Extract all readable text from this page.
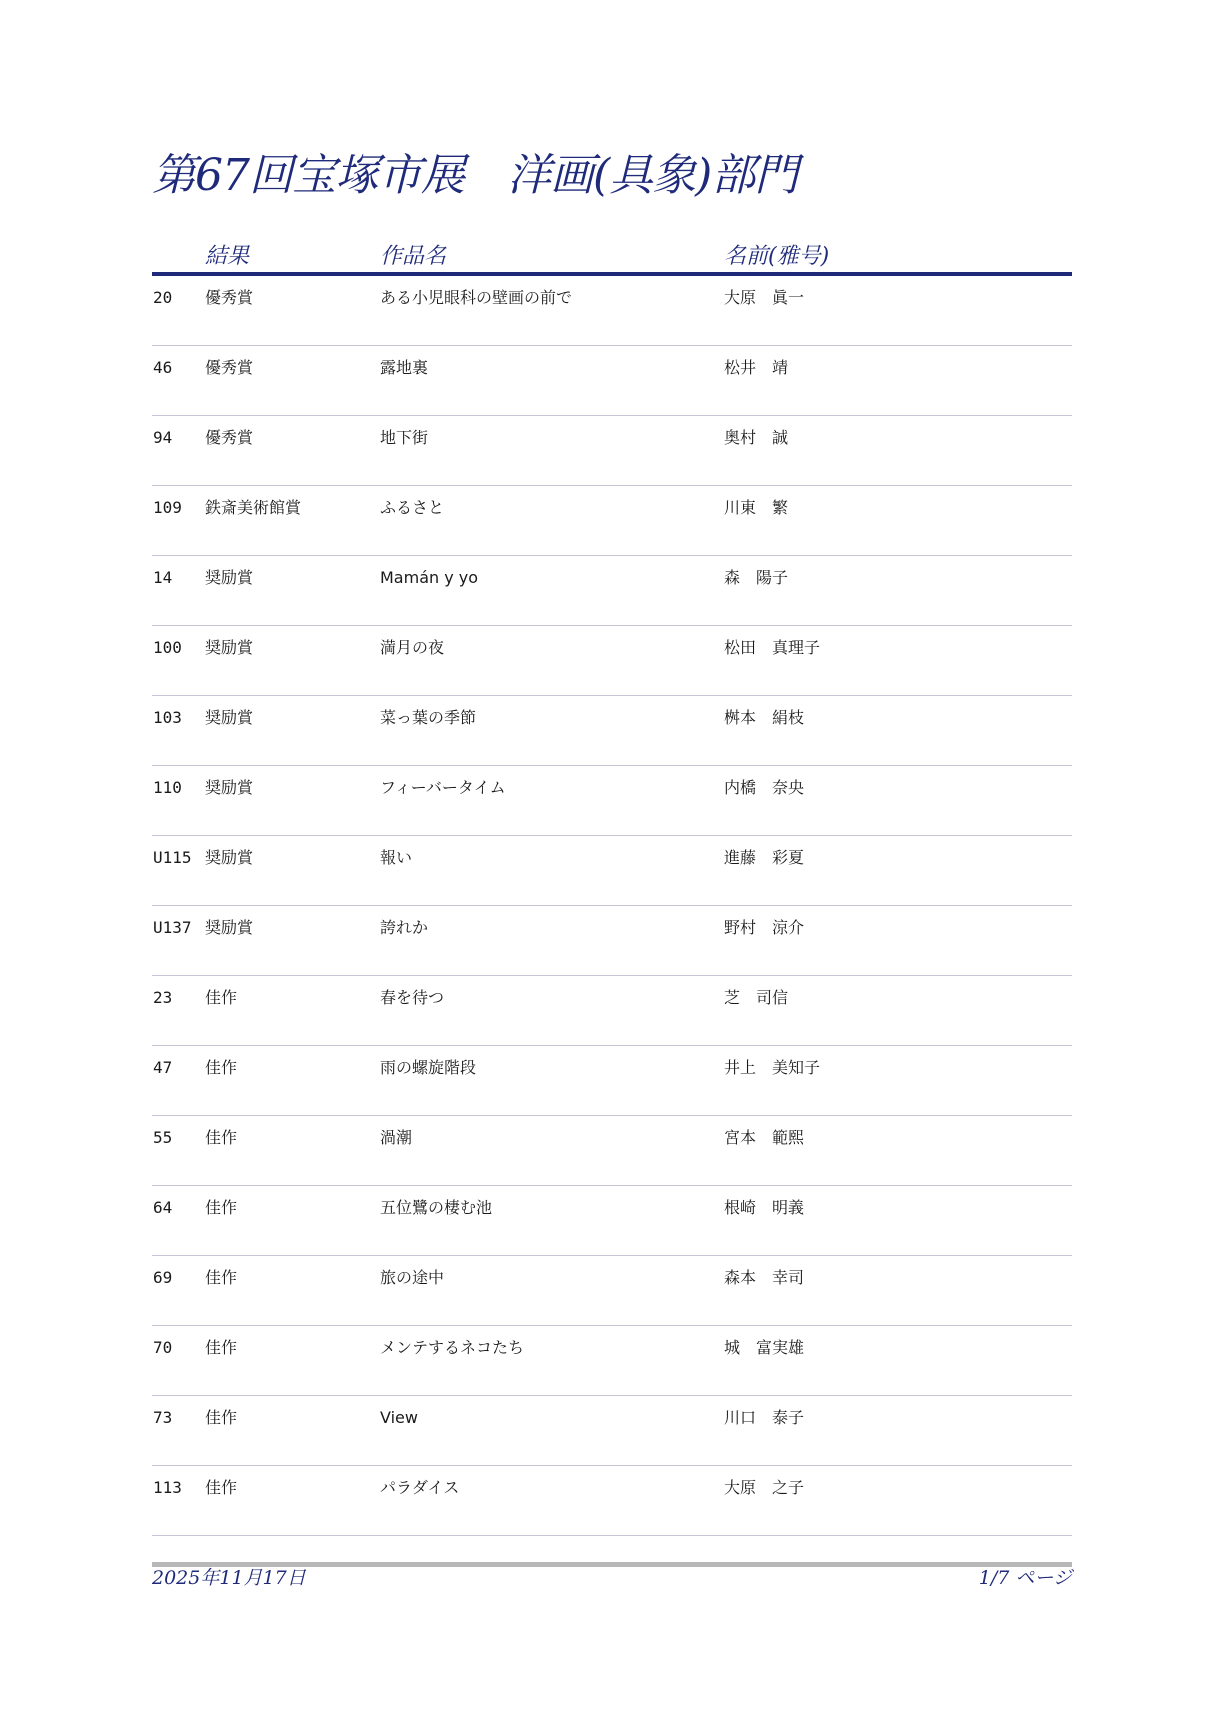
第67回宝塚市展　洋画(具象)部門
結果	作品名	名前(雅号)
20 優秀賞	ある小児眼科の壁画の前で	大原　眞一
46 優秀賞	露地裏	松井　靖
94 優秀賞	地下街	奥村　誠
109 鉄斎美術館賞	ふるさと	川東　繁
14 奨励賞	Mamán y yo	森　陽子
100 奨励賞	満月の夜	松田　真理子
103 奨励賞	菜っ葉の季節	桝本　絹枝
110 奨励賞	フィーバータイム	内橋　奈央
U115 奨励賞	報い	進藤　彩夏
U137 奨励賞	誇れか	野村　涼介
23 佳作	春を待つ	芝　司信
47 佳作	雨の螺旋階段	井上　美知子
55 佳作	渦潮	宮本　範熙
64 佳作	五位鷺の棲む池	根崎　明義
69 佳作	旅の途中	森本　幸司
70 佳作	メンテするネコたち	城　富実雄
73 佳作	View	川口　泰子
113 佳作	パラダイス	大原　之子
2025年11月17日	1/7 ページ
